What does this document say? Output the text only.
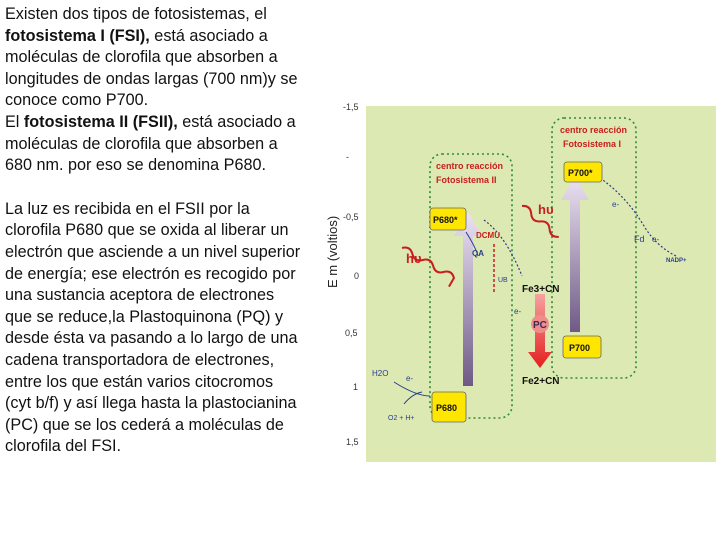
Existen dos tipos de fotosistemas, el fotosistema I (FSI), está asociado a moléculas de clorofila que absorben a longitudes de ondas largas (700 nm)y se conoce como P700.

El fotosistema II (FSII), está asociado a moléculas de clorofila que absorben a 680 nm. por eso se denomina P680.

La luz es recibida en el FSII por la clorofila P680 que se oxida al liberar un electrón que asciende a un nivel superior de energía; ese electrón es recogido por una sustancia aceptora de electrones que se reduce,la Plastoquinona (PQ) y desde ésta va pasando a lo largo de una cadena transportadora de electrones, entre los que están varios citocromos (cyt b/f) y así llega hasta la plastocianina (PC) que se los cederá a moléculas de clorofila del FSI.

E m (voltios)
-1,5
-
-0,5
0
0,5
1
1,5
centro reacción
Fotosistema I
centro reacción
Fotosistema II
hυ
hυ
P700*
P680*
P700
P680
DCMU
QA
UB
Fe3+CN
e-
PC
Fe2+CN
e-
Fd e-
NADP+
H2O
e-
O2 + H+
